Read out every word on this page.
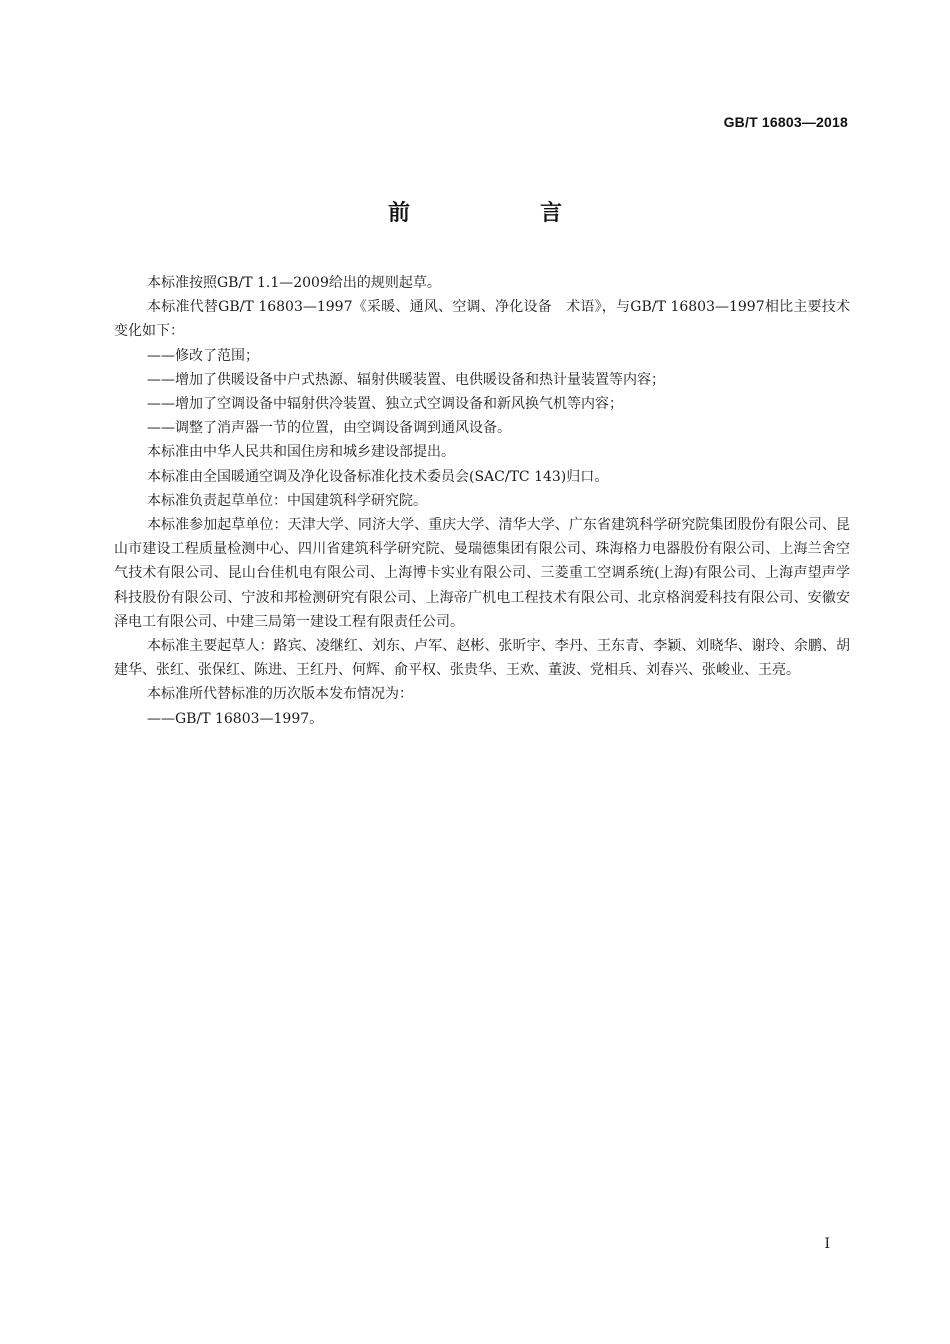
GB/T 16803—2018
前　言

本标准按照GB/T 1.1—2009给出的规则起草。

本标准代替GB/T 16803—1997《采暖、通风、空调、净化设备　术语》，与GB/T 16803—1997相比主要技术变化如下：

——修改了范围；

——增加了供暖设备中户式热源、辐射供暖装置、电供暖设备和热计量装置等内容；

——增加了空调设备中辐射供冷装置、独立式空调设备和新风换气机等内容；

——调整了消声器一节的位置，由空调设备调到通风设备。

本标准由中华人民共和国住房和城乡建设部提出。

本标准由全国暖通空调及净化设备标准化技术委员会(SAC/TC 143)归口。

本标准负责起草单位：中国建筑科学研究院。

本标准参加起草单位：天津大学、同济大学、重庆大学、清华大学、广东省建筑科学研究院集团股份有限公司、昆山市建设工程质量检测中心、四川省建筑科学研究院、曼瑞德集团有限公司、珠海格力电器股份有限公司、上海兰舍空气技术有限公司、昆山台佳机电有限公司、上海博卡实业有限公司、三菱重工空调系统(上海)有限公司、上海声望声学科技股份有限公司、宁波和邦检测研究有限公司、上海帝广机电工程技术有限公司、北京格润爱科技有限公司、安徽安泽电工有限公司、中建三局第一建设工程有限责任公司。

本标准主要起草人：路宾、凌继红、刘东、卢军、赵彬、张昕宇、李丹、王东青、李颖、刘晓华、谢玲、余鹏、胡建华、张红、张保红、陈进、王红丹、何辉、俞平权、张贵华、王欢、董波、党相兵、刘春兴、张峻业、王亮。

本标准所代替标准的历次版本发布情况为：

——GB/T 16803—1997。

I
